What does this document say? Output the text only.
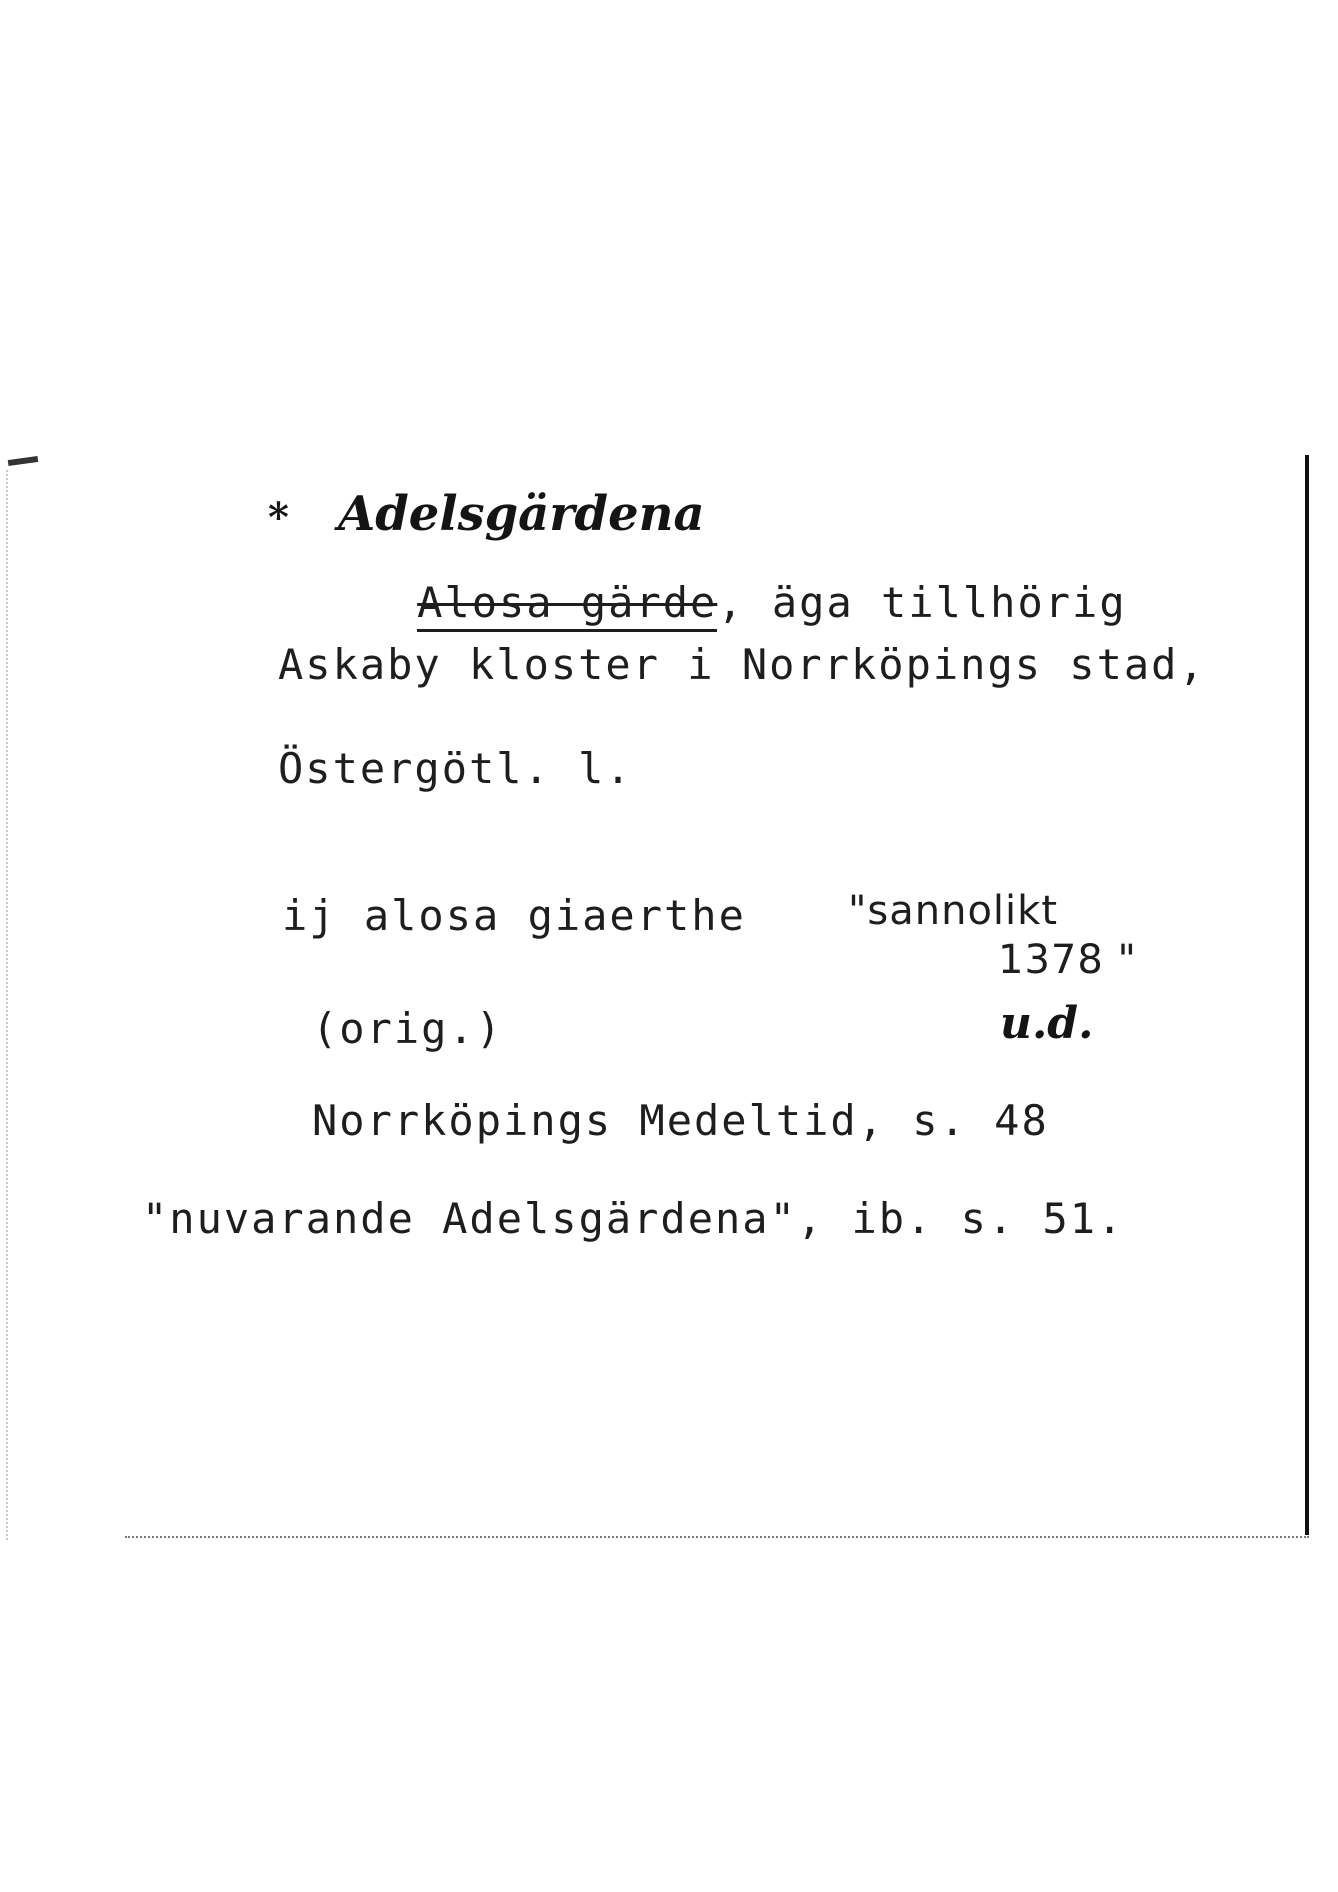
* Adelsgärdena

Alosa gärde, äga tillhörig

Askaby kloster i Norrköpings stad,
Östergötl. l.
ij alosa giaerthe	"sannolikt
1378 "
(orig.)	u.d.
Norrköpings Medeltid, s. 48
"nuvarande Adelsgärdena", ib. s. 51.
